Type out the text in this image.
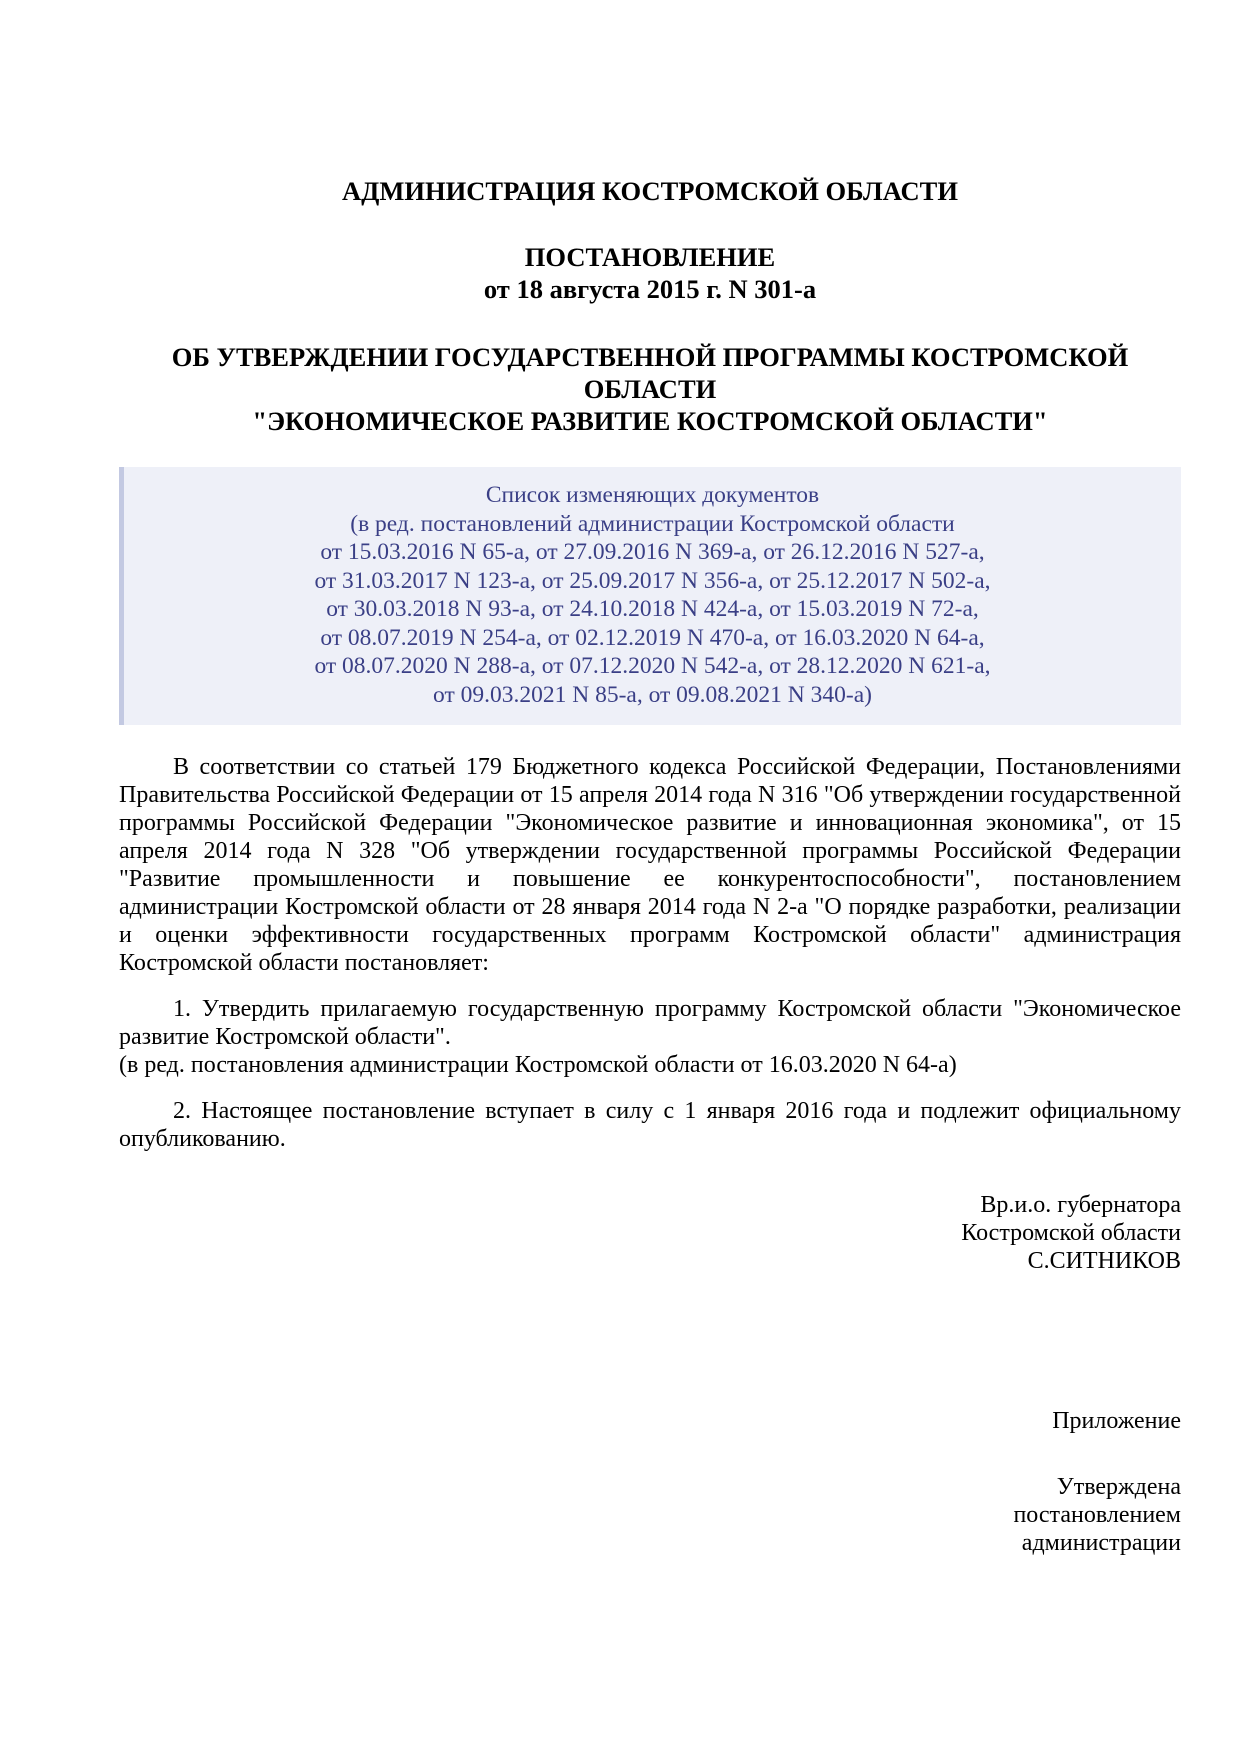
АДМИНИСТРАЦИЯ КОСТРОМСКОЙ ОБЛАСТИ

ПОСТАНОВЛЕНИЕ

от 18 августа 2015 г. N 301-а

ОБ УТВЕРЖДЕНИИ ГОСУДАРСТВЕННОЙ ПРОГРАММЫ КОСТРОМСКОЙ
ОБЛАСТИ
"ЭКОНОМИЧЕСКОЕ РАЗВИТИЕ КОСТРОМСКОЙ ОБЛАСТИ"
Список изменяющих документов
(в ред. постановлений администрации Костромской области
от 15.03.2016 N 65-а, от 27.09.2016 N 369-а, от 26.12.2016 N 527-а,
от 31.03.2017 N 123-а, от 25.09.2017 N 356-а, от 25.12.2017 N 502-а,
от 30.03.2018 N 93-а, от 24.10.2018 N 424-а, от 15.03.2019 N 72-а,
от 08.07.2019 N 254-а, от 02.12.2019 N 470-а, от 16.03.2020 N 64-а,
от 08.07.2020 N 288-а, от 07.12.2020 N 542-а, от 28.12.2020 N 621-а,
от 09.03.2021 N 85-а, от 09.08.2021 N 340-а)

В соответствии со статьей 179 Бюджетного кодекса Российской Федерации, Постановлениями Правительства Российской Федерации от 15 апреля 2014 года N 316 "Об утверждении государственной программы Российской Федерации "Экономическое развитие и инновационная экономика", от 15 апреля 2014 года N 328 "Об утверждении государственной программы Российской Федерации "Развитие промышленности и повышение ее конкурентоспособности", постановлением администрации Костромской области от 28 января 2014 года N 2-а "О порядке разработки, реализации и оценки эффективности государственных программ Костромской области" администрация Костромской области постановляет:

1. Утвердить прилагаемую государственную программу Костромской области "Экономическое развитие Костромской области".

(в ред. постановления администрации Костромской области от 16.03.2020 N 64-а)

2. Настоящее постановление вступает в силу с 1 января 2016 года и подлежит официальному опубликованию.

Вр.и.о. губернатора
Костромской области
С.СИТНИКОВ
Приложение
Утверждена
постановлением
администрации
